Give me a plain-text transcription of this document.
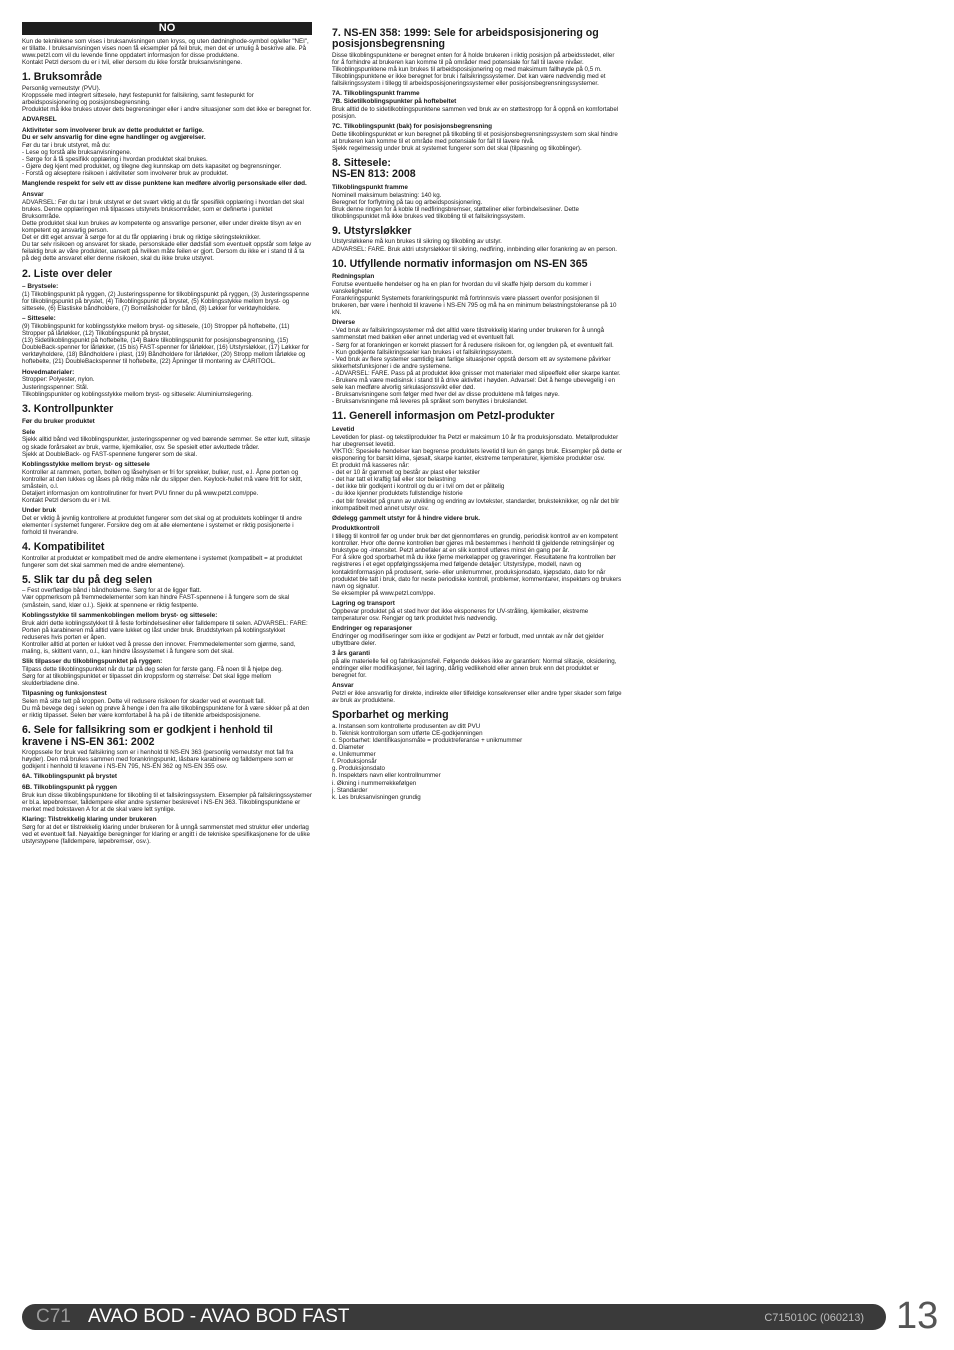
NO

Kun de teknikkene som vises i bruksanvisningen uten kryss, og uten dødninghode-symbol og/eller "NEI", er tillatte. I bruksanvisningen vises noen få eksempler på feil bruk, men det er umulig å beskrive alle. På www.petzl.com vil du levende finne oppdatert informasjon for disse produktene.
Kontakt Petzl dersom du er i tvil, eller dersom du ikke forstår bruksanvisningene.

1. Bruksområde

Personlig verneutstyr (PVU).
Kroppssele med integrert sittesele, høyt festepunkt for fallsikring, samt festepunkt for arbeidsposisjonering og posisjonsbegrensning.
Produktet må ikke brukes utover dets begrensninger eller i andre situasjoner som det ikke er beregnet for.

ADVARSEL
Aktiviteter som involverer bruk av dette produktet er farlige.
Du er selv ansvarlig for dine egne handlinger og avgjørelser.

Før du tar i bruk utstyret, må du:
- Lese og forstå alle bruksanvisningene.
- Sørge for å få spesifikk opplæring i hvordan produktet skal brukes.
- Gjøre deg kjent med produktet, og tilegne deg kunnskap om dets kapasitet og begrensninger.
- Forstå og akseptere risikoen i aktiviteter som involverer bruk av produktet.

Manglende respekt for selv ett av disse punktene kan medføre alvorlig personskade eller død.
Ansvar

ADVARSEL: Før du tar i bruk utstyret er det svært viktig at du får spesifikk opplæring i hvordan det skal brukes. Denne opplæringen må tilpasses utstyrets bruksområder, som er definerte i punktet Bruksområde.
Dette produktet skal kun brukes av kompetente og ansvarlige personer, eller under direkte tilsyn av en kompetent og ansvarlig person.
Det er ditt eget ansvar å sørge for at du får opplæring i bruk og riktige sikringsteknikker.
Du tar selv risikoen og ansvaret for skade, personskade eller dødsfall som eventuelt oppstår som følge av feilaktig bruk av våre produkter, uansett på hvilken måte feilen er gjort. Dersom du ikke er i stand til å ta på deg dette ansvaret eller denne risikoen, skal du ikke bruke utstyret.

2. Liste over deler
– Brystsele:

(1) Tilkoblingspunkt på ryggen, (2) Justeringsspenne for tilkoblingspunkt på ryggen, (3) Justeringsspenne for tilkoblingspunkt på brystet, (4) Tilkoblingspunkt på brystet, (5) Koblingsstykke mellom bryst- og sittesele, (6) Elastiske båndholdere, (7) Borrelåsholder for bånd, (8) Løkker for verktøyholdere.

– Sittesele:

(9) Tilkoblingspunkt for koblingsstykke mellom bryst- og sittesele, (10) Stropper på hoftebelte, (11) Stropper på lårløkker, (12) Tilkoblingspunkt på brystet,
(13) Sidetilkoblingspunkt på hoftebelte, (14) Bakre tilkoblingspunkt for posisjonsbegrensning, (15) DoubleBack-spenner for lårløkker, (15 bis) FAST-spenner for lårløkker, (16) Utstyrsløkker, (17) Løkker for verktøyholdere, (18) Båndholdere i plast, (19) Båndholdere for lårløkker, (20) Stropp mellom lårløkke og hoftebelte, (21) DoubleBackspenner til hoftebelte, (22) Åpninger til montering av CARITOOL.

Hovedmaterialer:

Stropper: Polyester, nylon.
Justeringsspenner: Stål.
Tilkoblingspunkter og koblingsstykke mellom bryst- og sittesele: Aluminiumslegering.

3. Kontrollpunkter
Før du bruker produktet
Sele

Sjekk alltid bånd ved tilkoblingspunkter, justeringsspenner og ved bærende sømmer. Se etter kutt, slitasje og skade forårsaket av bruk, varme, kjemikalier, osv. Se spesielt etter avkuttede tråder.
Sjekk at DoubleBack- og FAST-spennene fungerer som de skal.

Koblingsstykke mellom bryst- og sittesele

Kontroller at rammen, porten, bolten og låsehylsen er fri for sprekker, bulker, rust, e.l. Åpne porten og kontroller at den lukkes og låses på riktig måte når du slipper den. Keylock-hullet må være fritt for skitt, småstein, o.l.
Detaljert informasjon om kontrollrutiner for hvert PVU finner du på www.petzl.com/ppe.
Kontakt Petzl dersom du er i tvil.

Under bruk

Det er viktig å jevnlig kontrollere at produktet fungerer som det skal og at produktets koblinger til andre elementer i systemet fungerer. Forsikre deg om at alle elementene i systemet er riktig posisjonerte i forhold til hverandre.

4. Kompatibilitet

Kontroller at produktet er kompatibelt med de andre elementene i systemet (kompatibelt = at produktet fungerer som det skal sammen med de andre elementene).

5. Slik tar du på deg selen

– Fest overflødige bånd i båndholderne. Sørg for at de ligger flatt.
Vær oppmerksom på fremmedelementer som kan hindre FAST-spennene i å fungere som de skal (småstein, sand, klær o.l.). Sjekk at spennene er riktig festpente.

Koblingsstykke til sammenkoblingen mellom bryst- og sittesele:

Bruk aldri dette koblingsstykket til å feste forbindelsesliner eller falldempere til selen. ADVARSEL: FARE: Porten på karabineren må alltid være lukket og låst under bruk. Bruddstyrken på koblingsstykket reduseres hvis porten er åpen.
Kontroller alltid at porten er lukket ved å presse den innover. Fremmedelementer som gjørme, sand, maling, is, skittent vann, o.l., kan hindre låssystemet i å fungere som det skal.

Slik tilpasser du tilkoblingspunktet på ryggen:

Tilpass dette tilkoblingspunktet når du tar på deg selen for første gang. Få noen til å hjelpe deg.
Sørg for at tilkoblingspunktet er tilpasset din kroppsform og størrelse: Det skal ligge mellom skulderbladene dine.

Tilpasning og funksjonstest

Selen må sitte tett på kroppen. Dette vil redusere risikoen for skader ved et eventuelt fall.
Du må bevege deg i selen og prøve å henge i den fra alle tilkoblingspunktene for å være sikker på at den er riktig tilpasset. Selen bør være komfortabel å ha på i de tiltenkte arbeidsposisjonene.

6. Sele for fallsikring som er godkjent i henhold til kravene i NS-EN 361: 2002

Kroppssele for bruk ved fallsikring som er i henhold til NS-EN 363 (personlig verneutstyr mot fall fra høyder). Den må brukes sammen med forankringspunkt, låsbare karabinere og falldempere som er godkjent i henhold til kravene i NS-EN 795, NS-EN 362 og NS-EN 355 osv.

6A. Tilkoblingspunkt på brystet
6B. Tilkoblingspunkt på ryggen

Bruk kun disse tilkoblingspunktene for tilkobling til et fallsikringssystem. Eksempler på fallsikringssystemer er bl.a. løpebremser, falldempere eller andre systemer beskrevet i NS-EN 363. Tilkoblingspunktene er merket med bokstaven A for at de skal være lett synlige.

Klaring: Tilstrekkelig klaring under brukeren

Sørg for at det er tilstrekkelig klaring under brukeren for å unngå sammenstøt med struktur eller underlag ved et eventuelt fall. Nøyaktige beregninger for klaring er angitt i de tekniske spesifikasjonene for de ulike utstyrstypene (falldempere, løpebremser, osv.).

7. NS-EN 358: 1999: Sele for arbeidsposisjonering og posisjonsbegrensning

Disse tilkoblingspunktene er beregnet enten for å holde brukeren i riktig posisjon på arbeidsstedet, eller for å forhindre at brukeren kan komme til på områder med potensiale for fall til lavere nivåer. Tilkoblingspunktene må kun brukes til arbeidsposisjonering og med maksimum fallhøyde på 0,5 m.
Tilkoblingspunktene er ikke beregnet for bruk i fallsikringssystemer. Det kan være nødvendig med et fallsikringssystem i tillegg til arbeidsposisjoneringssystemer eller posisjonsbegrensningssystemer.

7A. Tilkoblingspunkt framme
7B. Sidetilkoblingspunkter på hoftebeltet

Bruk alltid de to sidetilkoblingspunktene sammen ved bruk av en støttestropp for å oppnå en komfortabel posisjon.

7C. Tilkoblingspunkt (bak) for posisjonsbegrensning

Dette tilkoblingspunktet er kun beregnet på tilkobling til et posisjonsbegrensningssystem som skal hindre at brukeren kan komme til et område med potensiale for fall til lavere nivå.
Sjekk regelmessig under bruk at systemet fungerer som det skal (tilpasning og tilkoblinger).

8. Sittesele:
NS-EN 813: 2008
Tilkoblingspunkt framme

Nominell maksimum belastning: 140 kg.
Beregnet for forflytning på tau og arbeidsposisjonering.
Bruk denne ringen for å koble til nedfiringsbremser, støtteliner eller forbindelsesliner. Dette tilkoblingspunktet må ikke brukes ved tilkobling til et fallsikringssystem.

9. Utstyrsløkker

Utstyrsløkkene må kun brukes til sikring og tilkobling av utstyr.
ADVARSEL: FARE. Bruk aldri utstyrsløkker til sikring, nedfiring, innbinding eller forankring av en person.

10. Utfyllende normativ informasjon om NS-EN 365
Redningsplan

Forutse eventuelle hendelser og ha en plan for hvordan du vil skaffe hjelp dersom du kommer i vanskeligheter.
Forankringspunkt Systemets forankringspunkt må fortrinnsvis være plassert ovenfor posisjonen til brukeren, bør være i henhold til kravene i NS-EN 795 og må ha en minimum belastningstoleranse på 10 kN.

Diverse

- Ved bruk av fallsikringssystemer må det alltid være tilstrekkelig klaring under brukeren for å unngå sammenstøt med bakken eller annet underlag ved et eventuelt fall.
- Sørg for at forankringen er korrekt plassert for å redusere risikoen for, og lengden på, et eventuelt fall.
- Kun godkjente fallsikringsseler kan brukes i et fallsikringssystem.
- Ved bruk av flere systemer samtidig kan farlige situasjoner oppstå dersom ett av systemene påvirker sikkerhetsfunksjoner i de andre systemene.
- ADVARSEL: FARE. Pass på at produktet ikke gnisser mot materialer med slipeeffekt eller skarpe kanter.
- Brukere må være medisinsk i stand til å drive aktivitet i høyden. Advarsel: Det å henge ubevegelig i en sele kan medføre alvorlig sirkulasjonssvikt eller død.
- Bruksanvisningene som følger med hver del av disse produktene må følges nøye.
- Bruksanvisningene må leveres på språket som benyttes i brukslandet.

11. Generell informasjon om Petzl-produkter
Levetid

Levetiden for plast- og tekstilprodukter fra Petzl er maksimum 10 år fra produksjonsdato. Metallprodukter har ubegrenset levetid.
VIKTIG: Spesielle hendelser kan begrense produktets levetid til kun én gangs bruk. Eksempler på dette er eksponering for barskt klima, sjøsalt, skarpe kanter, ekstreme temperaturer, kjemiske produkter osv.
Et produkt må kasseres når:
- det er 10 år gammelt og består av plast eller tekstiler
- det har tatt et kraftig fall eller stor belastning
- det ikke blir godkjent i kontroll og du er i tvil om det er pålitelig
- du ikke kjenner produktets fullstendige historie
- det blir foreldet på grunn av utvikling og endring av lovtekster, standarder, bruksteknikker, og når det blir inkompatibelt med annet utstyr osv.

Ødelegg gammelt utstyr for å hindre videre bruk.
Produktkontroll

I tillegg til kontroll før og under bruk bør det gjennomføres en grundig, periodisk kontroll av en kompetent kontrollør. Hvor ofte denne kontrollen bør gjøres må bestemmes i henhold til gjeldende retningslinjer og brukstype og -intensitet. Petzl anbefaler at en slik kontroll utføres minst én gang per år.
For å sikre god sporbarhet må du ikke fjerne merkelapper og graveringer. Resultatene fra kontrollen bør registreres i et eget oppfølgingsskjema med følgende detaljer: Utstyrstype, modell, navn og kontaktinformasjon på produsent, serie- eller unikmummer, produksjonsdato, kjøpsdato, dato for når produktet ble tatt i bruk, dato for neste periodiske kontroll, problemer, kommentarer, inspektørs og brukers navn og signatur.
Se eksempler på www.petzl.com/ppe.

Lagring og transport

Oppbevar produktet på et sted hvor det ikke eksponeres for UV-stråling, kjemikalier, ekstreme temperaturer osv. Rengjør og tørk produktet hvis nødvendig.

Endringer og reparasjoner

Endringer og modifiseringer som ikke er godkjent av Petzl er forbudt, med unntak av når det gjelder utbyttbare deler.

3 års garanti

på alle materielle feil og fabrikasjonsfeil. Følgende dekkes ikke av garantien: Normal slitasje, oksidering, endringer eller modifikasjoner, feil lagring, dårlig vedlikehold eller annen bruk enn det produktet er beregnet for.

Ansvar

Petzl er ikke ansvarlig for direkte, indirekte eller tilfeldige konsekvenser eller andre typer skader som følge av bruk av produktene.

Sporbarhet og merking

a. Instansen som kontrollerte produsenten av ditt PVU
b. Teknisk kontrollorgan som utførte CE-godkjenningen
c. Sporbarhet: Identifikasjonsmåte = produktreferanse + unikmummer
d. Diameter
e. Unikmummer
f. Produksjonsår
g. Produksjonsdato
h. Inspektørs navn eller kontrollnummer
i. Økning i nummerrekkefølgen
j. Standarder
k. Les bruksanvisningen grundig

C71 AVAO BOD - AVAO BOD FAST	C715010C (060213) 13
